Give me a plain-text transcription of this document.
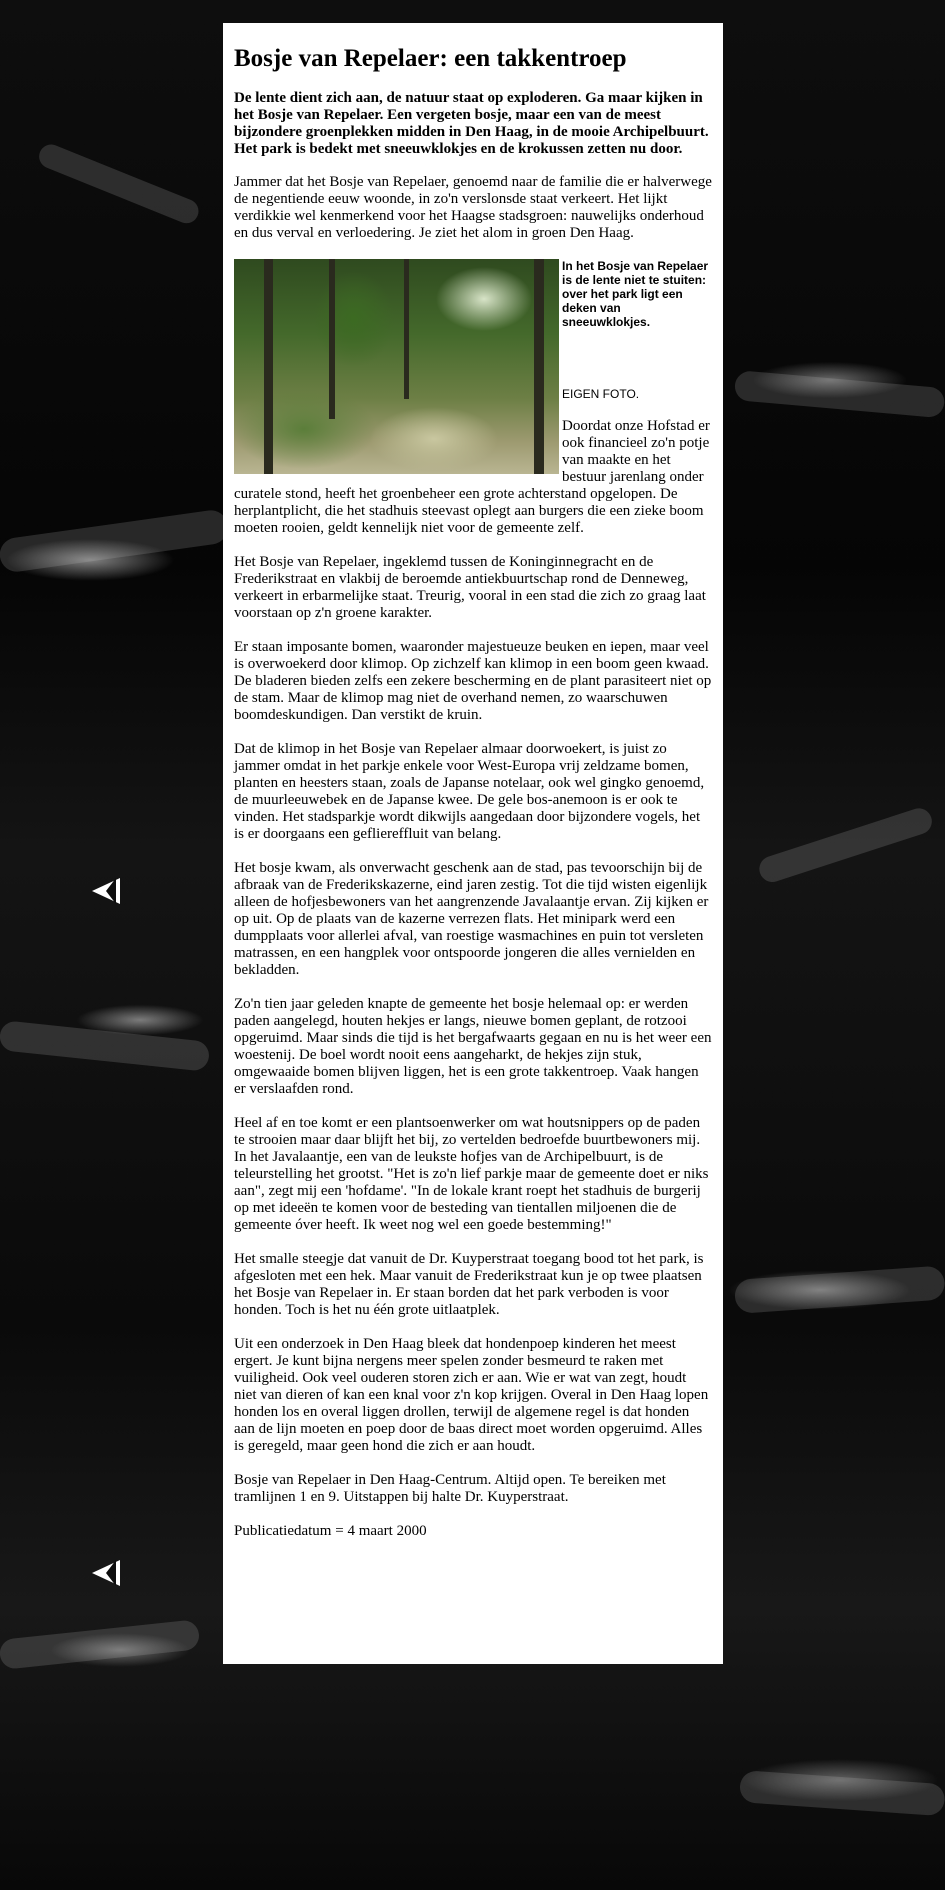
Bosje van Repelaer: een takkentroep

De lente dient zich aan, de natuur staat op exploderen. Ga maar kijken in het Bosje van Repelaer. Een vergeten bosje, maar een van de meest bijzondere groenplekken midden in Den Haag, in de mooie Archipelbuurt. Het park is bedekt met sneeuwklokjes en de krokussen zetten nu door.

Jammer dat het Bosje van Repelaer, genoemd naar de familie die er halverwege de negentiende eeuw woonde, in zo'n verslonsde staat verkeert. Het lijkt verdikkie wel kenmerkend voor het Haagse stadsgroen: nauwelijks onderhoud en dus verval en verloedering. Je ziet het alom in groen Den Haag.

In het Bosje van Repelaer is de lente niet te stuiten: over het park ligt een deken van sneeuwklokjes.

EIGEN FOTO.

Doordat onze Hofstad er ook financieel zo'n potje van maakte en het bestuur jarenlang onder curatele stond, heeft het groenbeheer een grote achterstand opgelopen. De herplantplicht, die het stadhuis steevast oplegt aan burgers die een zieke boom moeten rooien, geldt kennelijk niet voor de gemeente zelf.

Het Bosje van Repelaer, ingeklemd tussen de Koninginnegracht en de Frederikstraat en vlakbij de beroemde antiekbuurtschap rond de Denneweg, verkeert in erbarmelijke staat. Treurig, vooral in een stad die zich zo graag laat voorstaan op z'n groene karakter.

Er staan imposante bomen, waaronder majestueuze beuken en iepen, maar veel is overwoekerd door klimop. Op zichzelf kan klimop in een boom geen kwaad. De bladeren bieden zelfs een zekere bescherming en de plant parasiteert niet op de stam. Maar de klimop mag niet de overhand nemen, zo waarschuwen boomdeskundigen. Dan verstikt de kruin.

Dat de klimop in het Bosje van Repelaer almaar doorwoekert, is juist zo jammer omdat in het parkje enkele voor West-Europa vrij zeldzame bomen, planten en heesters staan, zoals de Japanse notelaar, ook wel gingko genoemd, de muurleeuwebek en de Japanse kwee. De gele bos-anemoon is er ook te vinden. Het stadsparkje wordt dikwijls aangedaan door bijzondere vogels, het is er doorgaans een gefliereffluit van belang.

Het bosje kwam, als onverwacht geschenk aan de stad, pas tevoorschijn bij de afbraak van de Frederikskazerne, eind jaren zestig. Tot die tijd wisten eigenlijk alleen de hofjesbewoners van het aangrenzende Javalaantje ervan. Zij kijken er op uit. Op de plaats van de kazerne verrezen flats. Het minipark werd een dumpplaats voor allerlei afval, van roestige wasmachines en puin tot versleten matrassen, en een hangplek voor ontspoorde jongeren die alles vernielden en bekladden.

Zo'n tien jaar geleden knapte de gemeente het bosje helemaal op: er werden paden aangelegd, houten hekjes er langs, nieuwe bomen geplant, de rotzooi opgeruimd. Maar sinds die tijd is het bergafwaarts gegaan en nu is het weer een woestenij. De boel wordt nooit eens aangeharkt, de hekjes zijn stuk, omgewaaide bomen blijven liggen, het is een grote takkentroep. Vaak hangen er verslaafden rond.

Heel af en toe komt er een plantsoenwerker om wat houtsnippers op de paden te strooien maar daar blijft het bij, zo vertelden bedroefde buurtbewoners mij. In het Javalaantje, een van de leukste hofjes van de Archipelbuurt, is de teleurstelling het grootst. "Het is zo'n lief parkje maar de gemeente doet er niks aan", zegt mij een 'hofdame'. "In de lokale krant roept het stadhuis de burgerij op met ideeën te komen voor de besteding van tientallen miljoenen die de gemeente óver heeft. Ik weet nog wel een goede bestemming!"

Het smalle steegje dat vanuit de Dr. Kuyperstraat toegang bood tot het park, is afgesloten met een hek. Maar vanuit de Frederikstraat kun je op twee plaatsen het Bosje van Repelaer in. Er staan borden dat het park verboden is voor honden. Toch is het nu één grote uitlaatplek.

Uit een onderzoek in Den Haag bleek dat hondenpoep kinderen het meest ergert. Je kunt bijna nergens meer spelen zonder besmeurd te raken met vuiligheid. Ook veel ouderen storen zich er aan. Wie er wat van zegt, houdt niet van dieren of kan een knal voor z'n kop krijgen. Overal in Den Haag lopen honden los en overal liggen drollen, terwijl de algemene regel is dat honden aan de lijn moeten en poep door de baas direct moet worden opgeruimd. Alles is geregeld, maar geen hond die zich er aan houdt.

Bosje van Repelaer in Den Haag-Centrum. Altijd open. Te bereiken met tramlijnen 1 en 9. Uitstappen bij halte Dr. Kuyperstraat.

Publicatiedatum = 4 maart 2000
